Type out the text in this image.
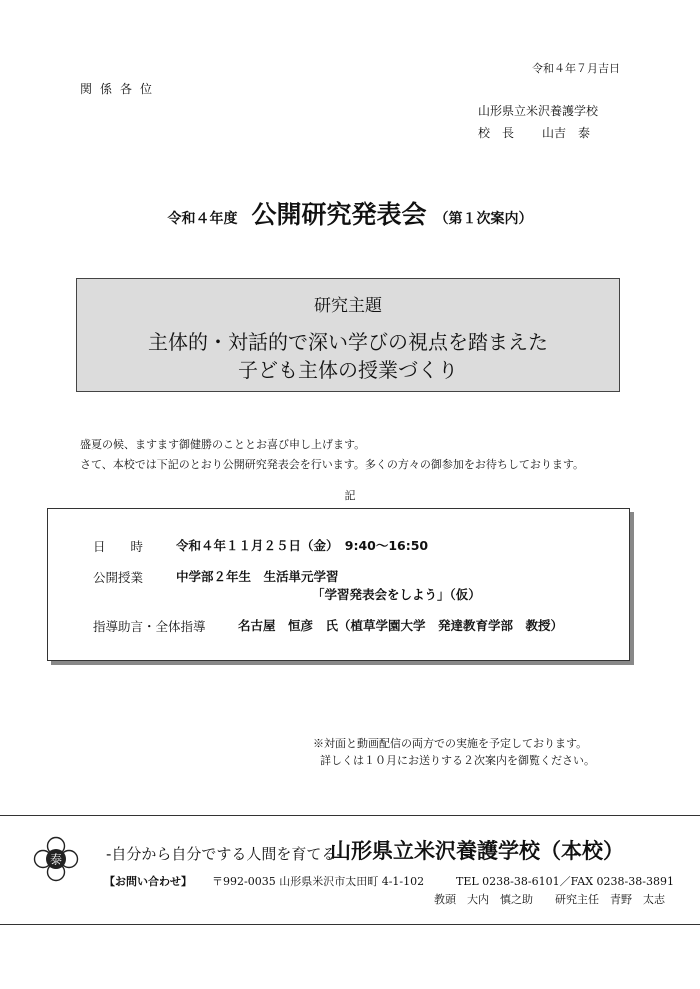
令和４年７月吉日
関係各位
山形県立米沢養護学校
校　長 山吉　泰
令和４年度 公開研究発表会 （第１次案内）
研究主題
主体的・対話的で深い学びの視点を踏まえた
子ども主体の授業づくり
盛夏の候、ますます御健勝のこととお喜び申し上げます。
さて、本校では下記のとおり公開研究発表会を行います。多くの方々の御参加をお待ちしております。
記
日　　時	令和４年１１月２５日（金）　9:40〜16:50
公開授業	中学部２年生　生活単元学習
「学習発表会をしよう」（仮）
指導助言・全体指導	名古屋　恒彦　氏（植草学園大学　発達教育学部　教授）
※対面と動画配信の両方での実施を予定しております。
詳しくは１０月にお送りする２次案内を御覧ください。
泰	-自分から自分でする人間を育てる-
山形県立米沢養護学校（本校）
【お問い合わせ】 〒992-0035 山形県米沢市太田町 4-1-102	TEL 0238-38-6101／FAX 0238-38-3891
教頭　大内　慎之助　　研究主任　青野　太志
